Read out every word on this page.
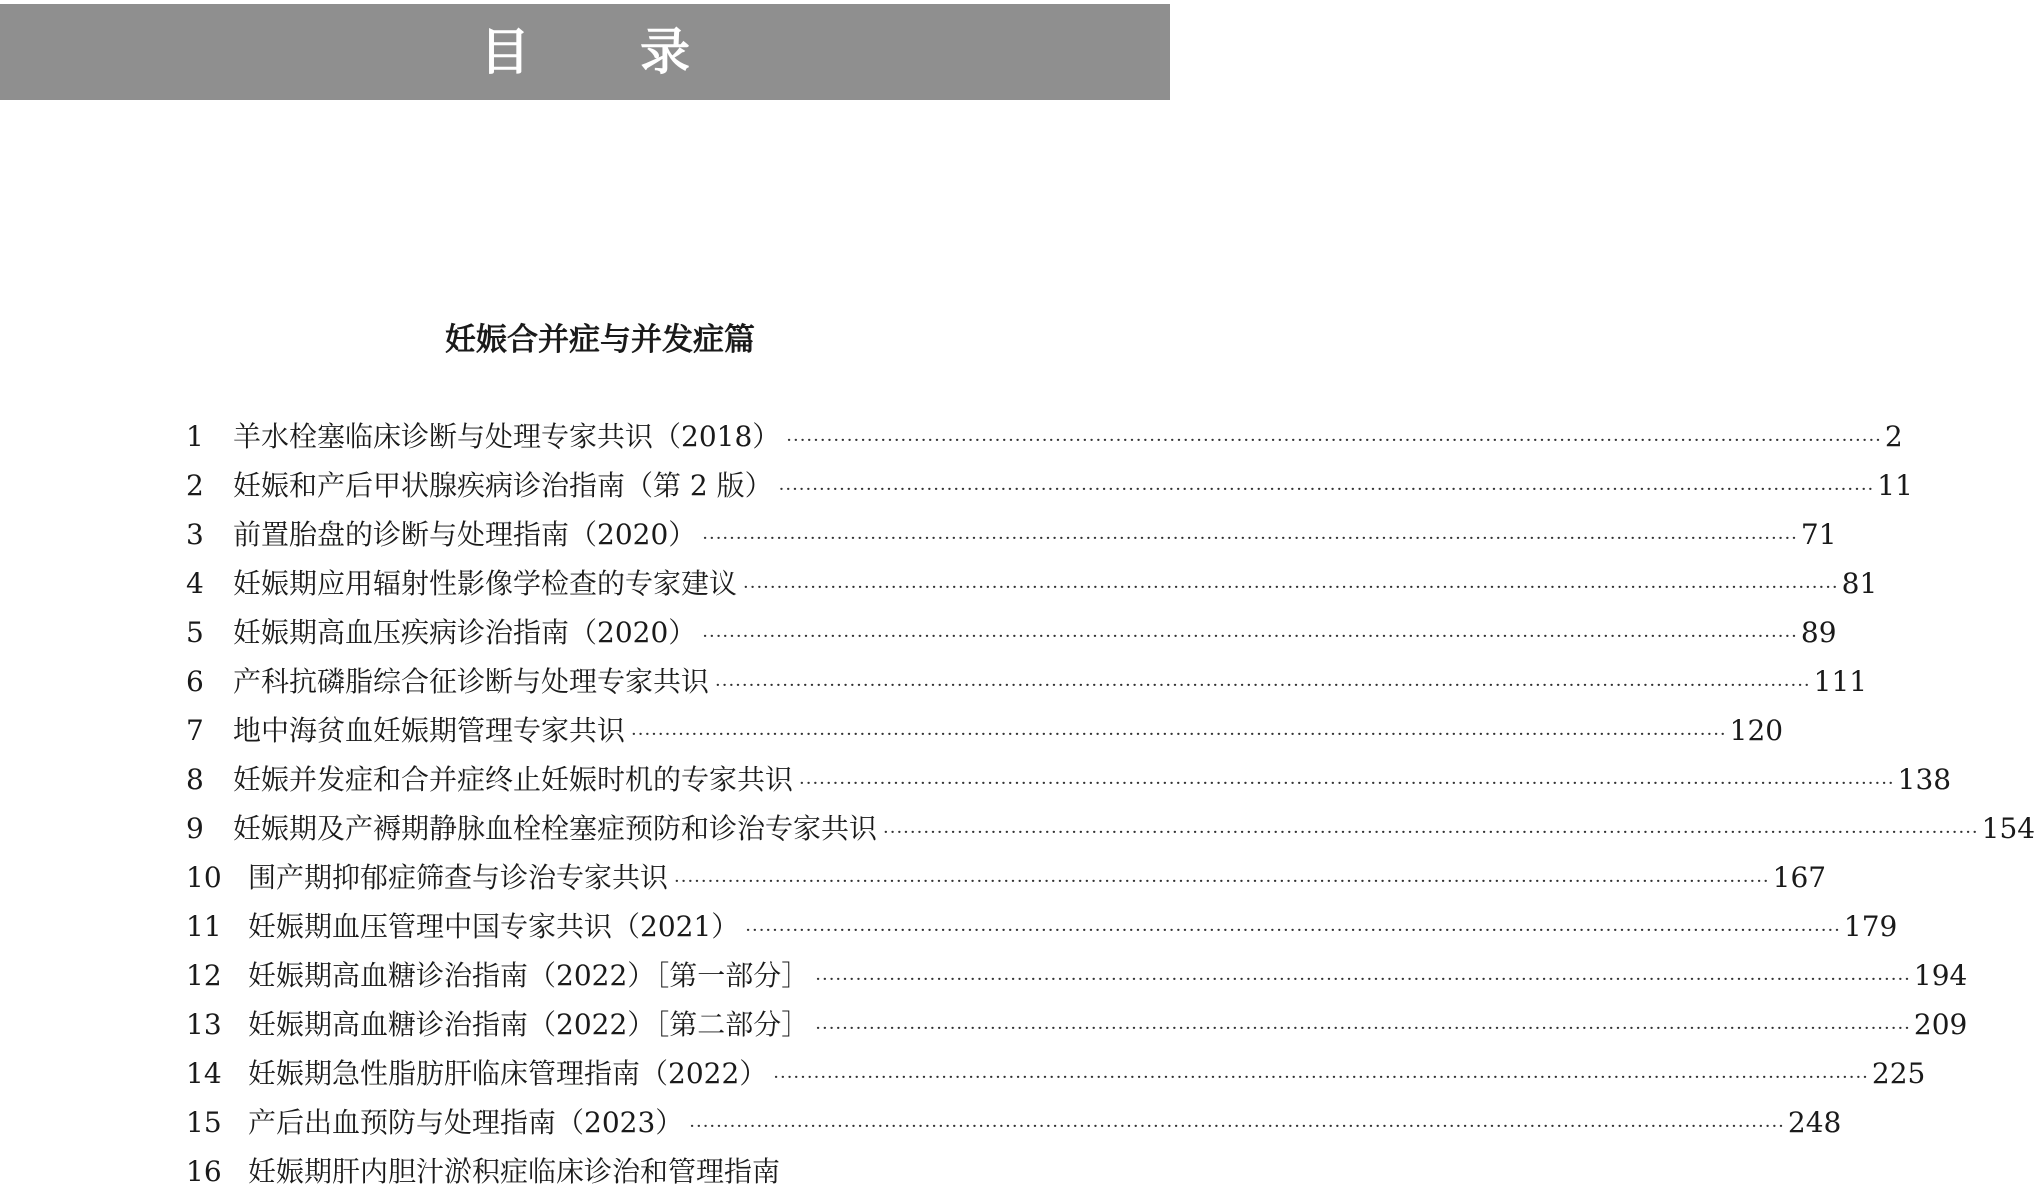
目录
妊娠合并症与并发症篇
1	羊水栓塞临床诊断与处理专家共识（2018） ·····	2
2	妊娠和产后甲状腺疾病诊治指南（第 2 版） ·····	11
3	前置胎盘的诊断与处理指南（2020） ·····	71
4	妊娠期应用辐射性影像学检查的专家建议 ·····	81
5	妊娠期高血压疾病诊治指南（2020） ·····	89
6	产科抗磷脂综合征诊断与处理专家共识 ·····	111
7	地中海贫血妊娠期管理专家共识 ·····	120
8	妊娠并发症和合并症终止妊娠时机的专家共识 ·····	138
9	妊娠期及产褥期静脉血栓栓塞症预防和诊治专家共识 ·····	154
10 围产期抑郁症筛查与诊治专家共识 ·····	167
11 妊娠期血压管理中国专家共识（2021） ·····	179
12 妊娠期高血糖诊治指南（2022）［第一部分］ ·····	194
13 妊娠期高血糖诊治指南（2022）［第二部分］ ·····	209
14 妊娠期急性脂肪肝临床管理指南（2022） ·····	225
15 产后出血预防与处理指南（2023） ·····	248
16 妊娠期肝内胆汁淤积症临床诊治和管理指南
